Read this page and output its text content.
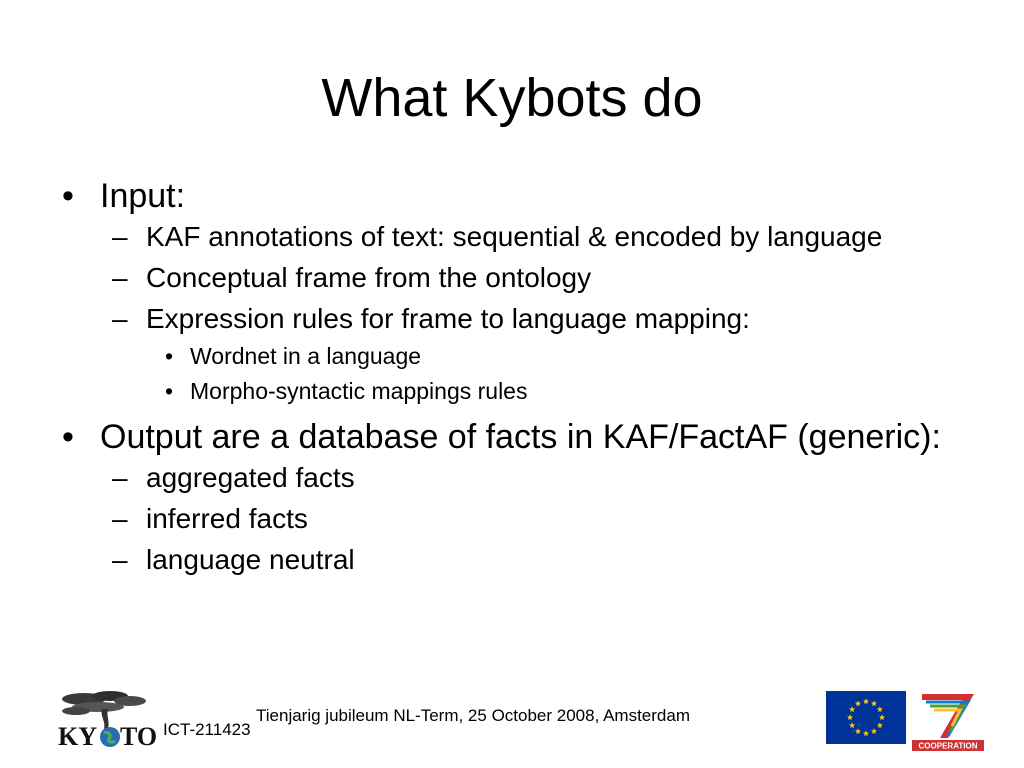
What Kybots do
• Input:
– KAF annotations of text: sequential & encoded by language
– Conceptual frame from the ontology
– Expression rules for frame to language mapping:
• Wordnet in a language
• Morpho-syntactic mappings rules
• Output are a database of facts in KAF/FactAF (generic):
– aggregated facts
– inferred facts
– language neutral
KY TO ICT-211423
Tienjarig jubileum NL-Term, 25 October 2008, Amsterdam
COOPERATION
